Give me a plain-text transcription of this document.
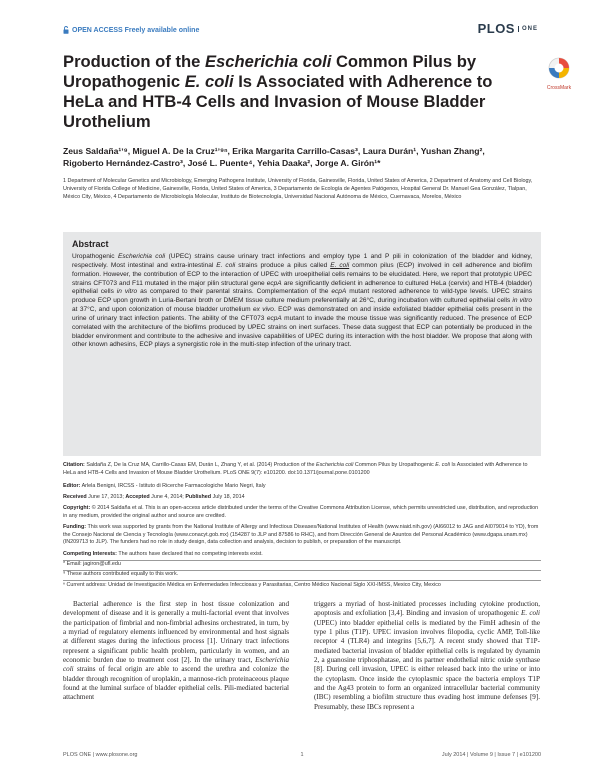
OPEN ACCESS Freely available online	PLOS	ONE
Production of the Escherichia coli Common Pilus by
Uropathogenic E. coli Is Associated with Adherence to
HeLa and HTB-4 Cells and Invasion of Mouse Bladder
Urothelium
CrossMark
Zeus Saldaña¹ʼ⁹, Miguel A. De la Cruz¹ʼ⁹ⁿ, Erika Margarita Carrillo-Casas³, Laura Durán¹, Yushan Zhang²,
Rigoberto Hernández-Castro³, José L. Puente⁴, Yehia Daaka², Jorge A. Girón¹*
1 Department of Molecular Genetics and Microbiology, Emerging Pathogens Institute, University of Florida, Gainesville, Florida, United States of America, 2 Department of Anatomy and Cell Biology, University of Florida College of Medicine, Gainesville, Florida, United States of America, 3 Departamento de Ecología de Agentes Patógenos, Hospital General Dr. Manuel Gea González, Tlalpan, México City, México, 4 Departamento de Microbiología Molecular, Instituto de Biotecnología, Universidad Nacional Autónoma de México, Cuernavaca, Morelos, México
Abstract
Uropathogenic Escherichia coli (UPEC) strains cause urinary tract infections and employ type 1 and P pili in colonization of the bladder and kidney, respectively. Most intestinal and extra-intestinal E. coli strains produce a pilus called E. coli common pilus (ECP) involved in cell adherence and biofilm formation. However, the contribution of ECP to the interaction of UPEC with uroepithelial cells remains to be elucidated. Here, we report that prototypic UPEC strains CFT073 and F11 mutated in the major pilin structural gene ecpA are significantly deficient in adherence to cultured HeLa (cervix) and HTB-4 (bladder) epithelial cells in vitro as compared to their parental strains. Complementation of the ecpA mutant restored adherence to wild-type levels. UPEC strains produce ECP upon growth in Luria-Bertani broth or DMEM tissue culture medium preferentially at 26°C, during incubation with cultured epithelial cells in vitro at 37°C, and upon colonization of mouse bladder urothelium ex vivo. ECP was demonstrated on and inside exfoliated bladder epithelial cells present in the urine of urinary tract infection patients. The ability of the CFT073 ecpA mutant to invade the mouse tissue was significantly reduced. The presence of ECP correlated with the architecture of the biofilms produced by UPEC strains on inert surfaces. These data suggest that ECP can potentially be produced in the bladder environment and contribute to the adhesive and invasive capabilities of UPEC during its interaction with the host bladder. We propose that along with other known adhesins, ECP plays a synergistic role in the multi-step infection of the urinary tract.
Citation: Saldaña Z, De la Cruz MA, Carrillo-Casas EM, Durán L, Zhang Y, et al. (2014) Production of the Escherichia coli Common Pilus by Uropathogenic E. coli Is Associated with Adherence to HeLa and HTB-4 Cells and Invasion of Mouse Bladder Urothelium. PLoS ONE 9(7): e101200. doi:10.1371/journal.pone.0101200
Editor: Arlela Benigni, IRCSS - Istituto di Ricerche Farmacologiche Mario Negri, Italy
Received June 17, 2013; Accepted June 4, 2014; Published July 18, 2014
Copyright: © 2014 Saldaña et al. This is an open-access article distributed under the terms of the Creative Commons Attribution License, which permits unrestricted use, distribution, and reproduction in any medium, provided the original author and source are credited.
Funding: This work was supported by grants from the National Institute of Allergy and Infectious Diseases/National Institutes of Health (www.niaid.nih.gov) (AI66012 to JAG and AI079014 to YD), from the Consejo Nacional de Ciencia y Tecnología (www.conacyt.gob.mx) (154287 to JLP and 87586 to RHC), and from Dirección General de Asuntos del Personal Académico (www.dgapa.unam.mx) (IN209713 to JLP). The funders had no role in study design, data collection and analysis, decision to publish, or preparation of the manuscript.
Competing Interests: The authors have declared that no competing interests exist.
* Email: jagiron@ufl.edu
⁹ These authors contributed equally to this work.
ⁿ Current address: Unidad de Investigación Médica en Enfermedades Infecciosas y Parasitarias, Centro Médico Nacional Siglo XXI-IMSS, Mexico City, Mexico
Bacterial adherence is the first step in host tissue colonization and development of disease and it is generally a multi-factorial event that involves the participation of fimbrial and non-fimbrial adhesins orchestrated, in turn, by a myriad of regulatory elements influenced by environmental and host signals at different stages during the infectious process [1]. Urinary tract infections represent a significant public health problem, particularly in women, and an economic burden due to treatment cost [2]. In the urinary tract, Escherichia coli strains of fecal origin are able to ascend the urethra and colonize the bladder through recognition of uroplakin, a mannose-rich proteinaceous plaque found at the luminal surface of bladder epithelial cells. Pili-mediated bacterial attachment
triggers a myriad of host-initiated processes including cytokine production, apoptosis and exfoliation [3,4]. Binding and invasion of uropathogenic E. coli (UPEC) into bladder epithelial cells is mediated by the FimH adhesin of the type 1 pilus (T1P). UPEC invasion involves filopodia, cyclic AMP, Toll-like receptor 4 (TLR4) and integrins [5,6,7]. A recent study showed that T1P-mediated bacterial invasion of bladder epithelial cells is regulated by dynamin 2, a guanosine triphosphatase, and its partner endothelial nitric oxide synthase [8]. During cell invasion, UPEC is either released back into the urine or into the cytoplasm. Once inside the cytoplasmic space the bacteria employs T1P and the Ag43 protein to form an organized intracellular bacterial community (IBC) resembling a biofilm structure thus evading host immune defenses [9]. Presumably, these IBCs represent a
PLOS ONE | www.plosone.org	1	July 2014 | Volume 9 | Issue 7 | e101200
